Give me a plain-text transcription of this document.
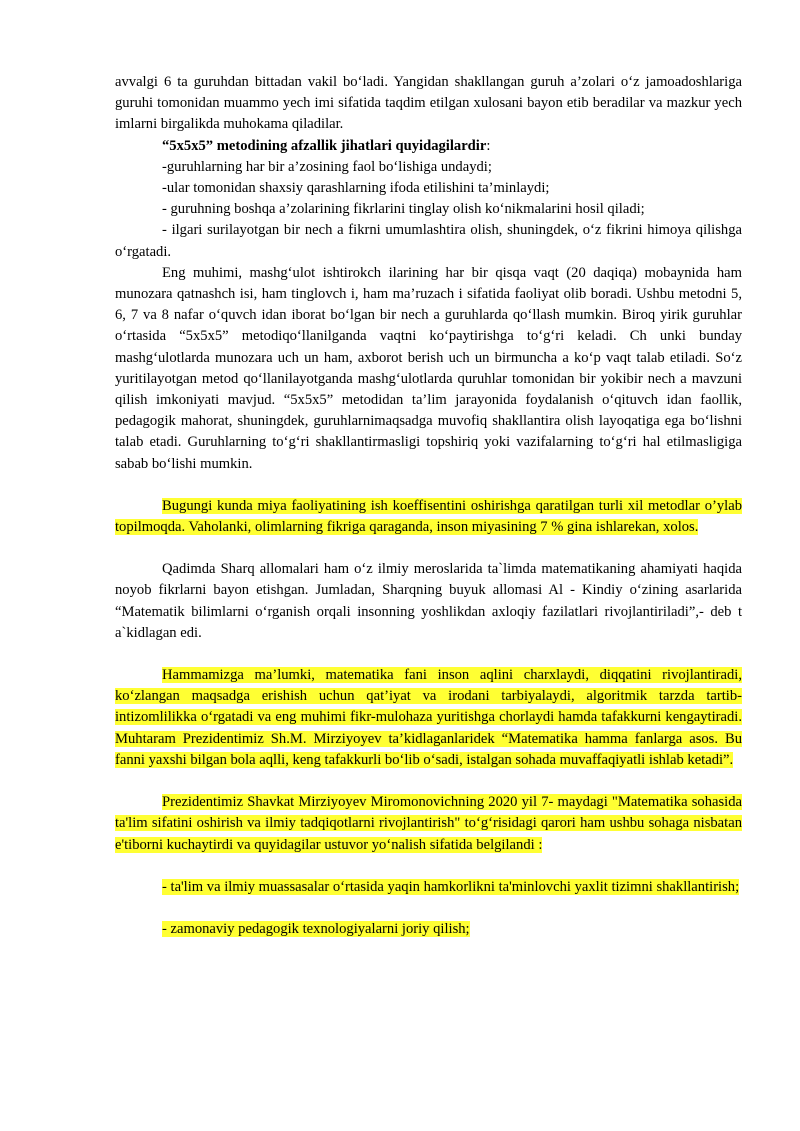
avvalgi 6 ta guruhdan bittadan vakil bo‘ladi. Yangidan shakllangan guruh a’zolari o‘z jamoadoshlariga guruhi tomonidan muammo yech imi sifatida taqdim etilgan xulosani bayon etib beradilar va mazkur yech imlarni birgalikda muhokama qiladilar.

“5x5x5” metodining afzallik jihatlari quyidagilardir:

-guruhlarning har bir a’zosining faol bo‘lishiga undaydi;

-ular tomonidan shaxsiy qarashlarning ifoda etilishini ta’minlaydi;

- guruhning boshqa a’zolarining fikrlarini tinglay olish ko‘nikmalarini hosil qiladi;

- ilgari surilayotgan bir nech a fikrni umumlashtira olish, shuningdek, o‘z fikrini himoya qilishga o‘rgatadi.

Eng muhimi, mashg‘ulot ishtirokch ilarining har bir qisqa vaqt (20 daqiqa) mobaynida ham munozara qatnashch isi, ham tinglovch i, ham ma’ruzach i sifatida faoliyat olib boradi. Ushbu metodni 5, 6, 7 va 8 nafar o‘quvch idan iborat bo‘lgan bir nech a guruhlarda qo‘llash mumkin. Biroq yirik guruhlar o‘rtasida “5x5x5” metodiqo‘llanilganda vaqtni ko‘paytirishga to‘g‘ri keladi. Ch unki bunday mashg‘ulotlarda munozara uch un ham, axborot berish uch un birmuncha a ko‘p vaqt talab etiladi. So‘z yuritilayotgan metod qo‘llanilayotganda mashg‘ulotlarda quruhlar tomonidan bir yokibir nech a mavzuni qilish imkoniyati mavjud. “5x5x5” metodidan ta’lim jarayonida foydalanish o‘qituvch idan faollik, pedagogik mahorat, shuningdek, guruhlarnimaqsadga muvofiq shakllantira olish layoqatiga ega bo‘lishni talab etadi. Guruhlarning to‘g‘ri shakllantirmasligi topshiriq yoki vazifalarning to‘g‘ri hal etilmasligiga sabab bo‘lishi mumkin.

Bugungi kunda miya faoliyatining ish koeffisentini oshirishga qaratilgan turli xil metodlar o’ylab topilmoqda. Vaholanki, olimlarning fikriga qaraganda, inson miyasining 7 % gina ishlarekan, xolos.

Qadimda Sharq allomalari ham o‘z ilmiy meroslarida ta`limda matematikaning ahamiyati haqida noyob fikrlarni bayon etishgan. Jumladan, Sharqning buyuk allomasi Al - Kindiy o‘zining asarlarida “Matematik bilimlarni o‘rganish orqali insonning yoshlikdan axloqiy fazilatlari rivojlantiriladi”,- deb t a`kidlagan edi.

Hammamizga ma’lumki, matematika fani inson aqlini charxlaydi, diqqatini rivojlantiradi, ko‘zlangan maqsadga erishish uchun qat’iyat va irodani tarbiyalaydi, algoritmik tarzda tartib- intizomlilikka o‘rgatadi va eng muhimi fikr-mulohaza yuritishga chorlaydi hamda tafakkurni kengaytiradi. Muhtaram Prezidentimiz Sh.M. Mirziyoyev ta’kidlaganlaridek “Matematika hamma fanlarga asos. Bu fanni yaxshi bilgan bola aqlli, keng tafakkurli bo‘lib o‘sadi, istalgan sohada muvaffaqiyatli ishlab ketadi”.

Prezidentimiz Shavkat Mirziyoyev Miromonovichning 2020 yil 7- maydagi "Matematika sohasida ta'lim sifatini oshirish va ilmiy tadqiqotlarni rivojlantirish" to‘g‘risidagi qarori ham ushbu sohaga nisbatan e'tiborni kuchaytirdi va quyidagilar ustuvor yo‘nalish sifatida belgilandi :

- ta'lim va ilmiy muassasalar o‘rtasida yaqin hamkorlikni ta'minlovchi yaxlit tizimni shakllantirish;

- zamonaviy pedagogik texnologiyalarni joriy qilish;
